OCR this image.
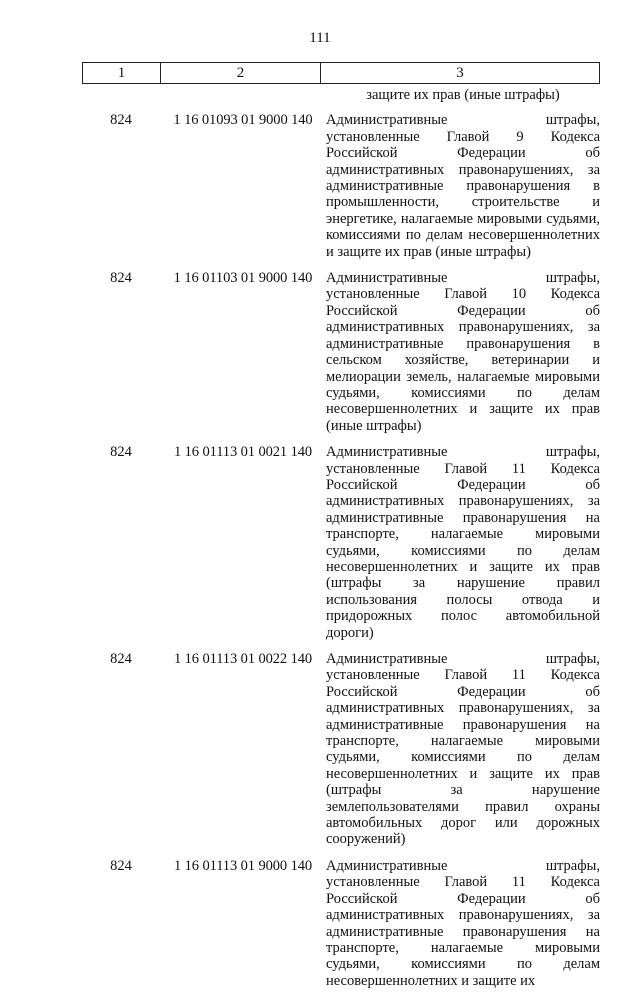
111
1	2	3
защите их прав (иные штрафы)
824	1 16 01093 01 9000 140 Административные штрафы, установленные Главой 9 Кодекса Российской Федерации об административных правонарушениях, за административные правонарушения в промышленности, строительстве и энергетике, налагаемые мировыми судьями, комиссиями по делам несовершеннолетних и защите их прав (иные штрафы)
824	1 16 01103 01 9000 140 Административные штрафы, установленные Главой 10 Кодекса Российской Федерации об административных правонарушениях, за административные правонарушения в сельском хозяйстве, ветеринарии и мелиорации земель, налагаемые мировыми судьями, комиссиями по делам несовершеннолетних и защите их прав (иные штрафы)
824	1 16 01113 01 0021 140 Административные штрафы, установленные Главой 11 Кодекса Российской Федерации об административных правонарушениях, за административные правонарушения на транспорте, налагаемые мировыми судьями, комиссиями по делам несовершеннолетних и защите их прав (штрафы за нарушение правил использования полосы отвода и придорожных полос автомобильной дороги)
824	1 16 01113 01 0022 140 Административные штрафы, установленные Главой 11 Кодекса Российской Федерации об административных правонарушениях, за административные правонарушения на транспорте, налагаемые мировыми судьями, комиссиями по делам несовершеннолетних и защите их прав (штрафы за нарушение землепользователями правил охраны автомобильных дорог или дорожных сооружений)
824	1 16 01113 01 9000 140 Административные штрафы, установленные Главой 11 Кодекса Российской Федерации об административных правонарушениях, за административные правонарушения на транспорте, налагаемые мировыми судьями, комиссиями по делам несовершеннолетних и защите их
